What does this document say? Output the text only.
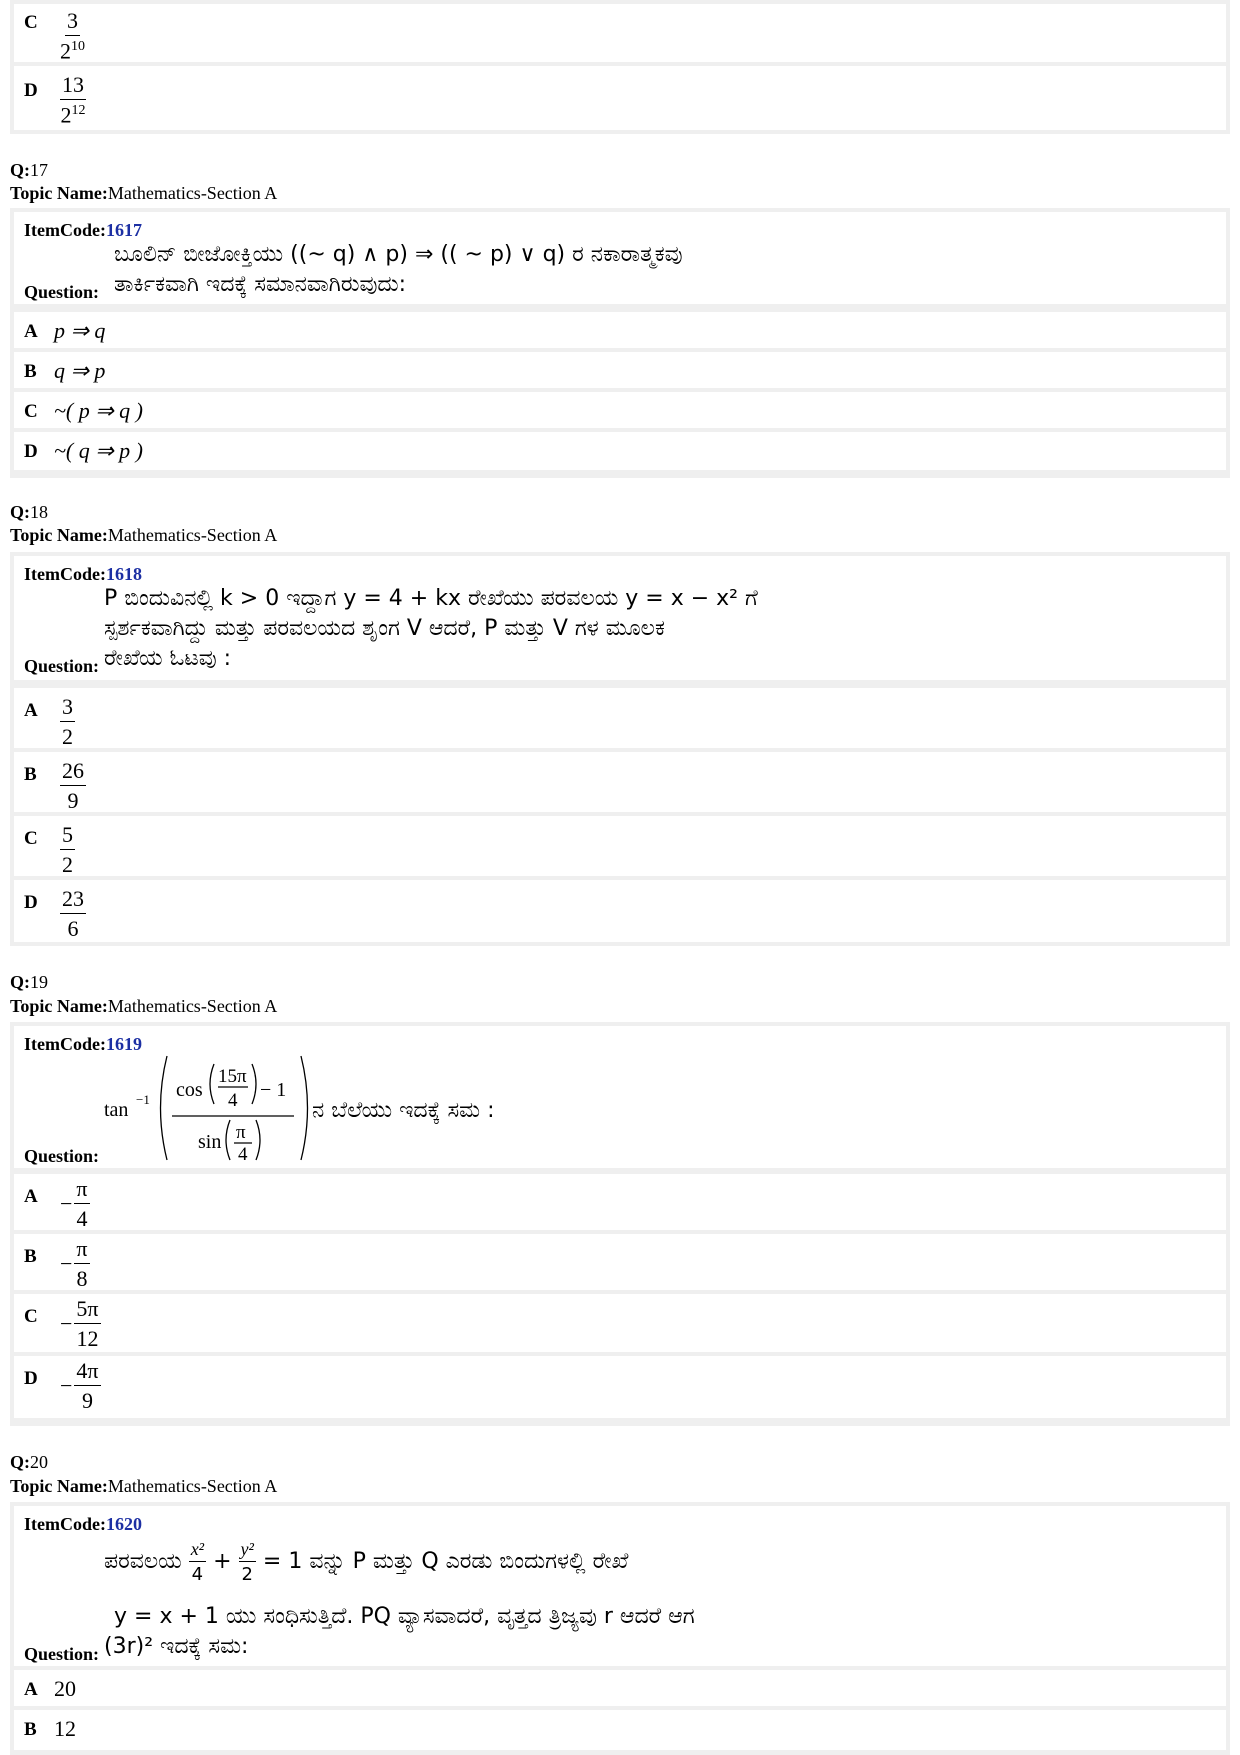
C $\frac{3}{2^{10}}$
D $\frac{13}{2^{12}}$
Q:17
Topic Name:Mathematics-Section A
ItemCode:1617
ಬೂಲಿನ್ ಬೀಜೋಕ್ತಿಯು ((~ q) ∧ p) ⇒ (( ~ p) ∨ q) ರ ನಕಾರಾತ್ಮಕವು
ತಾರ್ಕಿಕವಾಗಿ ಇದಕ್ಕೆ ಸಮಾನವಾಗಿರುವುದು:
Question:
A p ⇒ q
B q ⇒ p
C ~( p ⇒ q )
D ~( q ⇒ p )
Q:18
Topic Name:Mathematics-Section A
ItemCode:1618
P ಬಿಂದುವಿನಲ್ಲಿ k > 0 ಇದ್ದಾಗ y = 4 + kx ರೇಖೆಯು ಪರವಲಯ y = x − x² ಗೆ
ಸ್ಪರ್ಶಕವಾಗಿದ್ದು ಮತ್ತು ಪರವಲಯದ ಶೃಂಗ V ಆದರೆ, P ಮತ್ತು V ಗಳ ಮೂಲಕ
ರೇಖೆಯ ಓಟವು :
Question:
A $\frac{3}{2}$
B $\frac{26}{9}$
C $\frac{5}{2}$
D $\frac{23}{6}$
Q:19
Topic Name:Mathematics-Section A
ItemCode:1619
tan −1 cos
15π
4 − 1
sin π
4
ನ ಬೆಲೆಯು ಇದಕ್ಕೆ ಸಮ :
Question:
$A - \frac{\pi}{4}$
$B - \frac{\pi}{8}$
$C - \frac{5\pi}{12}$
$D - \frac{4\pi}{9}$
Q:20
Topic Name:Mathematics-Section A
ItemCode:1620
ಪರವಲಯ $\frac{\text{x²}}{4} + \frac{\text{y²}}{2} = 1$ ವನ್ನು P ಮತ್ತು Q ಎರಡು ಬಿಂದುಗಳಲ್ಲಿ ರೇಖೆ
y = x + 1 ಯು ಸಂಧಿಸುತ್ತಿದೆ. PQ ವ್ಯಾಸವಾದರೆ, ವೃತ್ತದ ತ್ರಿಜ್ಯವು r ಆದರೆ ಆಗ
(3r)² ಇದಕ್ಕೆ ಸಮ:
Question:
A 20
B 12
